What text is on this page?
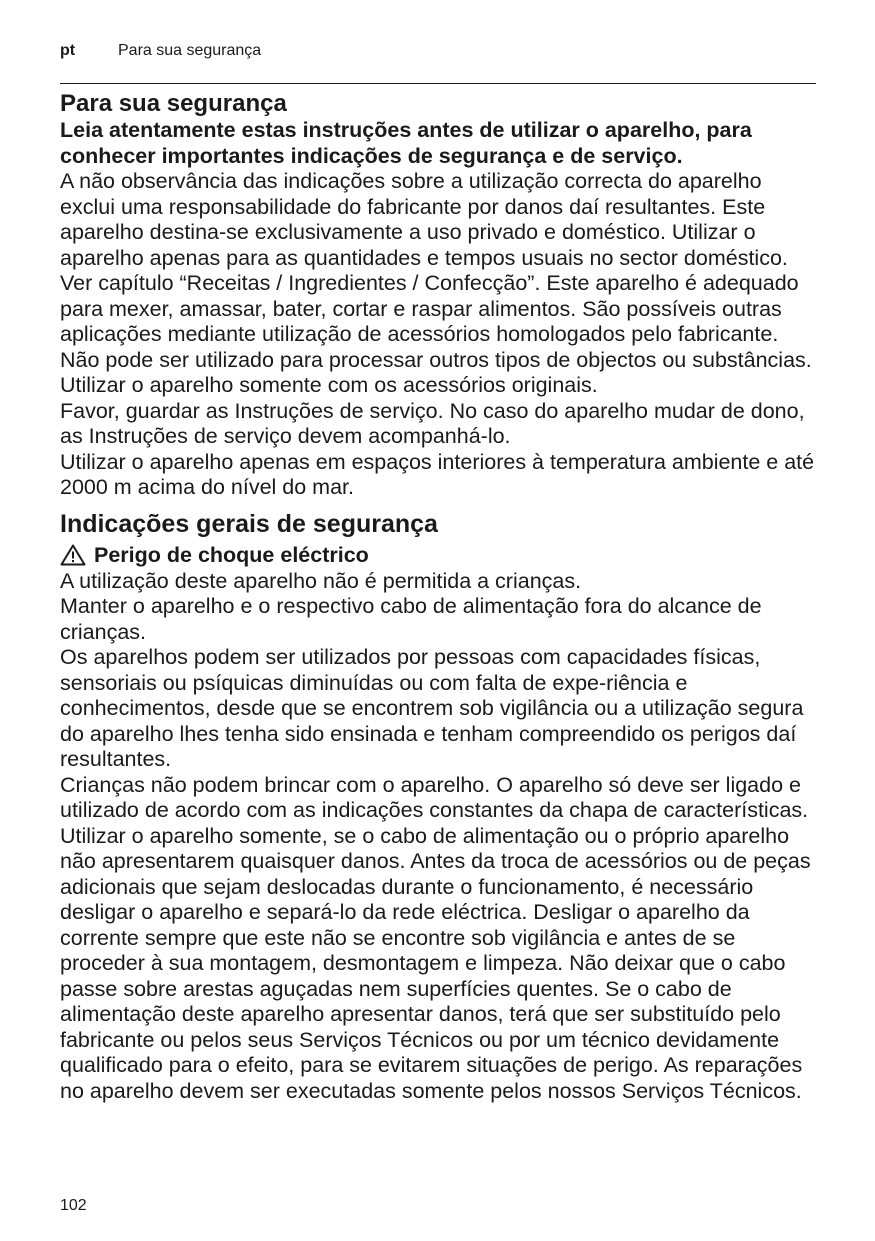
pt	Para sua segurança
Para sua segurança

Leia atentamente estas instruções antes de utilizar o aparelho, para conhecer importantes indicações de segurança e de serviço.

A não observância das indicações sobre a utilização correcta do aparelho exclui uma responsabilidade do fabricante por danos daí resultantes. Este aparelho destina-se exclusivamente a uso privado e doméstico. Utilizar o aparelho apenas para as quantidades e tempos usuais no sector doméstico. Ver capítulo “Receitas / Ingredientes / Confecção”. Este aparelho é adequado para mexer, amassar, bater, cortar e raspar alimentos. São possíveis outras aplicações mediante utilização de acessórios homologados pelo fabricante. Não pode ser utilizado para processar outros tipos de objectos ou substâncias.

Utilizar o aparelho somente com os acessórios originais.

Favor, guardar as Instruções de serviço. No caso do aparelho mudar de dono, as Instruções de serviço devem acompanhá-lo.

Utilizar o aparelho apenas em espaços interiores à temperatura ambiente e até 2000 m acima do nível do mar.

Indicações gerais de segurança
Perigo de choque eléctrico

A utilização deste aparelho não é permitida a crianças.

Manter o aparelho e o respectivo cabo de alimentação fora do alcance de crianças.

Os aparelhos podem ser utilizados por pessoas com capacidades físicas, sensoriais ou psíquicas diminuídas ou com falta de expe-riência e conhecimentos, desde que se encontrem sob vigilância ou a utilização segura do aparelho lhes tenha sido ensinada e tenham compreendido os perigos daí resultantes.

Crianças não podem brincar com o aparelho. O aparelho só deve ser ligado e utilizado de acordo com as indicações constantes da chapa de características. Utilizar o aparelho somente, se o cabo de alimentação ou o próprio aparelho não apresentarem quaisquer danos. Antes da troca de acessórios ou de peças adicionais que sejam deslocadas durante o funcionamento, é necessário desligar o aparelho e separá-lo da rede eléctrica. Desligar o aparelho da corrente sempre que este não se encontre sob vigilância e antes de se proceder à sua montagem, desmontagem e limpeza. Não deixar que o cabo passe sobre arestas aguçadas nem superfícies quentes. Se o cabo de alimentação deste aparelho apresentar danos, terá que ser substituído pelo fabricante ou pelos seus Serviços Técnicos ou por um técnico devidamente qualificado para o efeito, para se evitarem situações de perigo. As reparações no aparelho devem ser executadas somente pelos nossos Serviços Técnicos.

102
